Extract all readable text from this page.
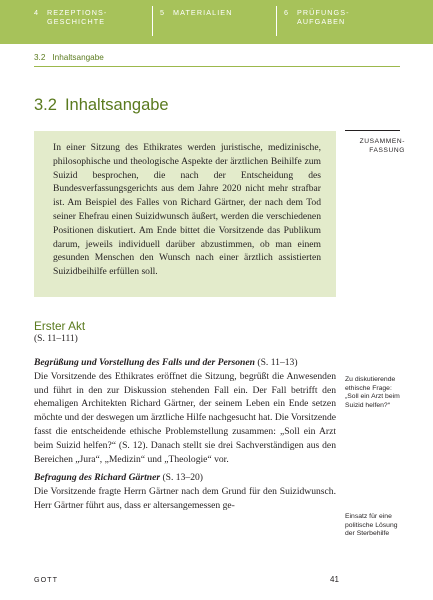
4 REZEPTIONS-
GESCHICHTE
5 MATERIALIEN	6 PRÜFUNGS-
AUFGABEN
3.2 Inhaltsangabe
3.2 Inhaltsangabe
ZUSAMMEN-
FASSUNG

In einer Sitzung des Ethikrates werden juristische, medizinische, philosophische und theologische Aspekte der ärztlichen Beihilfe zum Suizid besprochen, die nach der Entscheidung des Bundesverfassungsgerichts aus dem Jahre 2020 nicht mehr strafbar ist. Am Beispiel des Falles von Richard Gärtner, der nach dem Tod seiner Ehefrau einen Suizidwunsch äußert, werden die verschiedenen Positionen diskutiert. Am Ende bittet die Vorsitzende das Publikum darum, jeweils individuell darüber abzustimmen, ob man einem gesunden Menschen den Wunsch nach einer ärztlich assistierten Suizidbeihilfe erfüllen soll.

Erster Akt
(S. 11–111)

Begrüßung und Vorstellung des Falls und der Personen (S. 11–13)

Die Vorsitzende des Ethikrates eröffnet die Sitzung, begrüßt die Anwesenden und führt in den zur Diskussion stehenden Fall ein. Der Fall betrifft den ehemaligen Architekten Richard Gärtner, der seinem Leben ein Ende setzen möchte und der deswegen um ärztliche Hilfe nachgesucht hat. Die Vorsitzende fasst die entscheidende ethische Problemstellung zusammen: „Soll ein Arzt beim Suizid helfen?“ (S. 12). Danach stellt sie drei Sachverständigen aus den Bereichen „Jura“, „Medizin“ und „Theologie“ vor.

Befragung des Richard Gärtner (S. 13–20)

Die Vorsitzende fragte Herrn Gärtner nach dem Grund für den Suizidwunsch. Herr Gärtner führt aus, dass er altersangemessen ge-

Zu diskutierende ethische Frage: „Soll ein Arzt beim Suizid helfen?“
Einsatz für eine politische Lösung der Sterbehilfe
GOTT	41
